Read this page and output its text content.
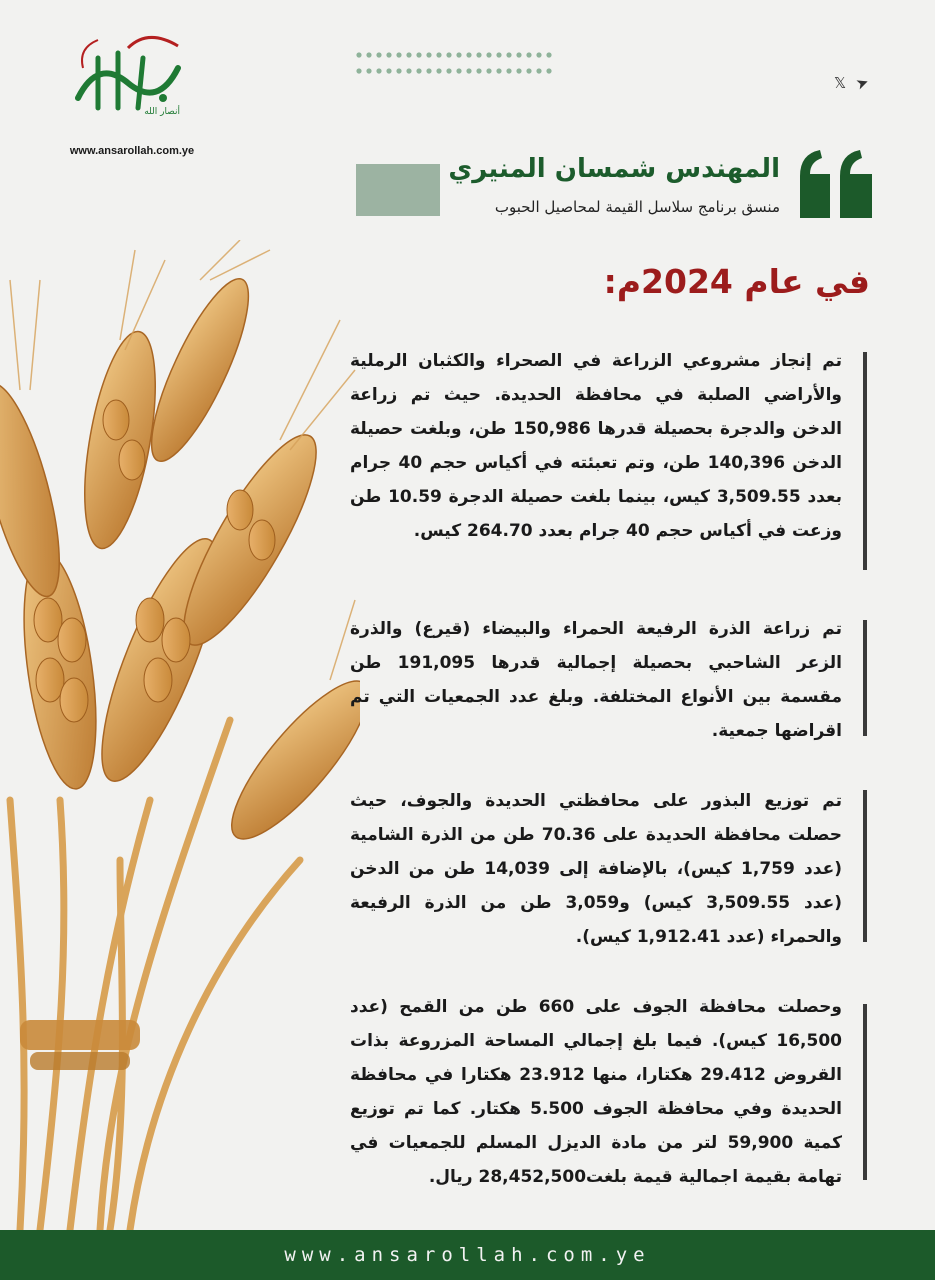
أنصار الله
www.ansarollah.com.ye
𝕏 ➤
المهندس شمسان المنيري
منسق برنامج سلاسل القيمة لمحاصيل الحبوب
في عام 2024م:
تم إنجاز مشروعي الزراعة في الصحراء والكثبان الرملية والأراضي الصلبة في محافظة الحديدة. حيث تم زراعة الدخن والدجرة بحصيلة قدرها 150,986 طن، وبلغت حصيلة الدخن 140,396 طن، وتم تعبئته في أكياس حجم 40 جرام بعدد 3,509.55 كيس، بينما بلغت حصيلة الدجرة 10.59 طن وزعت في أكياس حجم 40 جرام بعدد 264.70 كيس.
تم زراعة الذرة الرفيعة الحمراء والبيضاء (قيرع) والذرة الزعر الشاحبي بحصيلة إجمالية قدرها 191,095 طن مقسمة بين الأنواع المختلفة. وبلغ عدد الجمعيات التي تم اقراضها جمعية.
تم توزيع البذور على محافظتي الحديدة والجوف، حيث حصلت محافظة الحديدة على 70.36 طن من الذرة الشامية (عدد 1,759 كيس)، بالإضافة إلى 14,039 طن من الدخن (عدد 3,509.55 كيس) و3,059 طن من الذرة الرفيعة والحمراء (عدد 1,912.41 كيس).
وحصلت محافظة الجوف على 660 طن من القمح (عدد 16,500 كيس). فيما بلغ إجمالي المساحة المزروعة بذات القروض 29.412 هكتارا، منها 23.912 هكتارا في محافظة الحديدة وفي محافظة الجوف 5.500 هكتار. كما تم توزيع كمية 59,900 لتر من مادة الديزل المسلم للجمعيات في تهامة بقيمة اجمالية قيمة بلغت28,452,500 ريال.
www.ansarollah.com.ye
